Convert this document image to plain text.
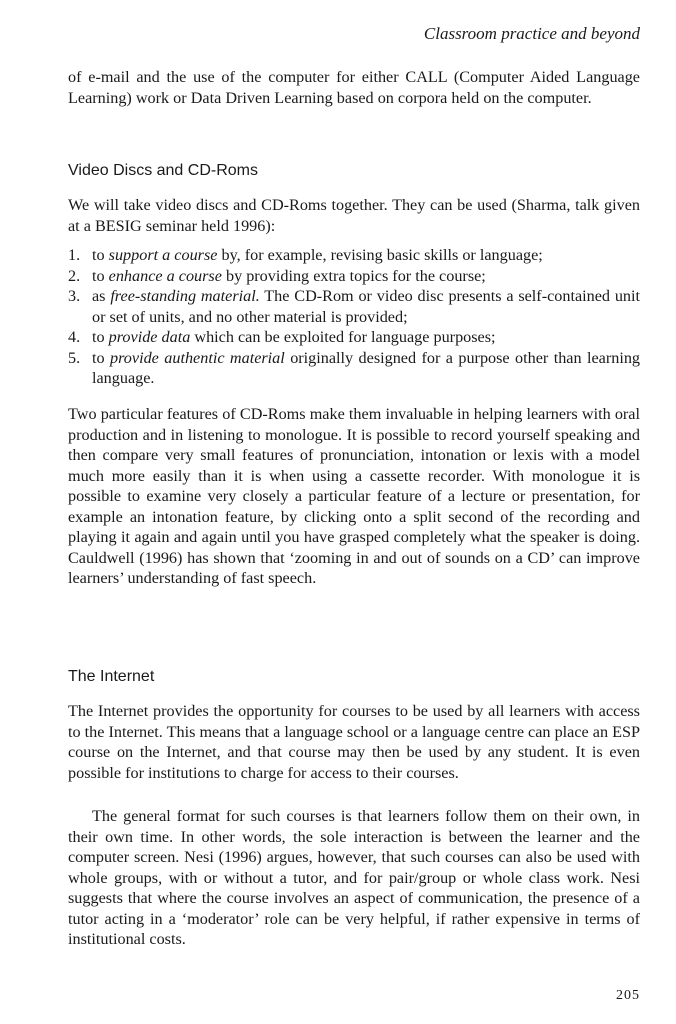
Classroom practice and beyond

of e-mail and the use of the computer for either CALL (Computer Aided Language Learning) work or Data Driven Learning based on corpora held on the computer.

Video Discs and CD-Roms

We will take video discs and CD-Roms together. They can be used (Sharma, talk given at a BESIG seminar held 1996):

1. to support a course by, for example, revising basic skills or language;
2. to enhance a course by providing extra topics for the course;
3. as free-standing material. The CD-Rom or video disc presents a self-contained unit or set of units, and no other material is provided;
4. to provide data which can be exploited for language purposes;
5. to provide authentic material originally designed for a purpose other than learning language.

Two particular features of CD-Roms make them invaluable in helping learners with oral production and in listening to monologue. It is possible to record yourself speaking and then compare very small features of pronunciation, intonation or lexis with a model much more easily than it is when using a cassette recorder. With monologue it is possible to examine very closely a particular feature of a lecture or presentation, for example an intonation feature, by clicking onto a split second of the recording and playing it again and again until you have grasped completely what the speaker is doing. Cauldwell (1996) has shown that ‘zooming in and out of sounds on a CD’ can improve learners’ understanding of fast speech.

The Internet

The Internet provides the opportunity for courses to be used by all learners with access to the Internet. This means that a language school or a language centre can place an ESP course on the Internet, and that course may then be used by any student. It is even possible for institutions to charge for access to their courses.

The general format for such courses is that learners follow them on their own, in their own time. In other words, the sole interaction is between the learner and the computer screen. Nesi (1996) argues, however, that such courses can also be used with whole groups, with or without a tutor, and for pair/group or whole class work. Nesi suggests that where the course involves an aspect of communication, the presence of a tutor acting in a ‘moderator’ role can be very helpful, if rather expensive in terms of institutional costs.

205
